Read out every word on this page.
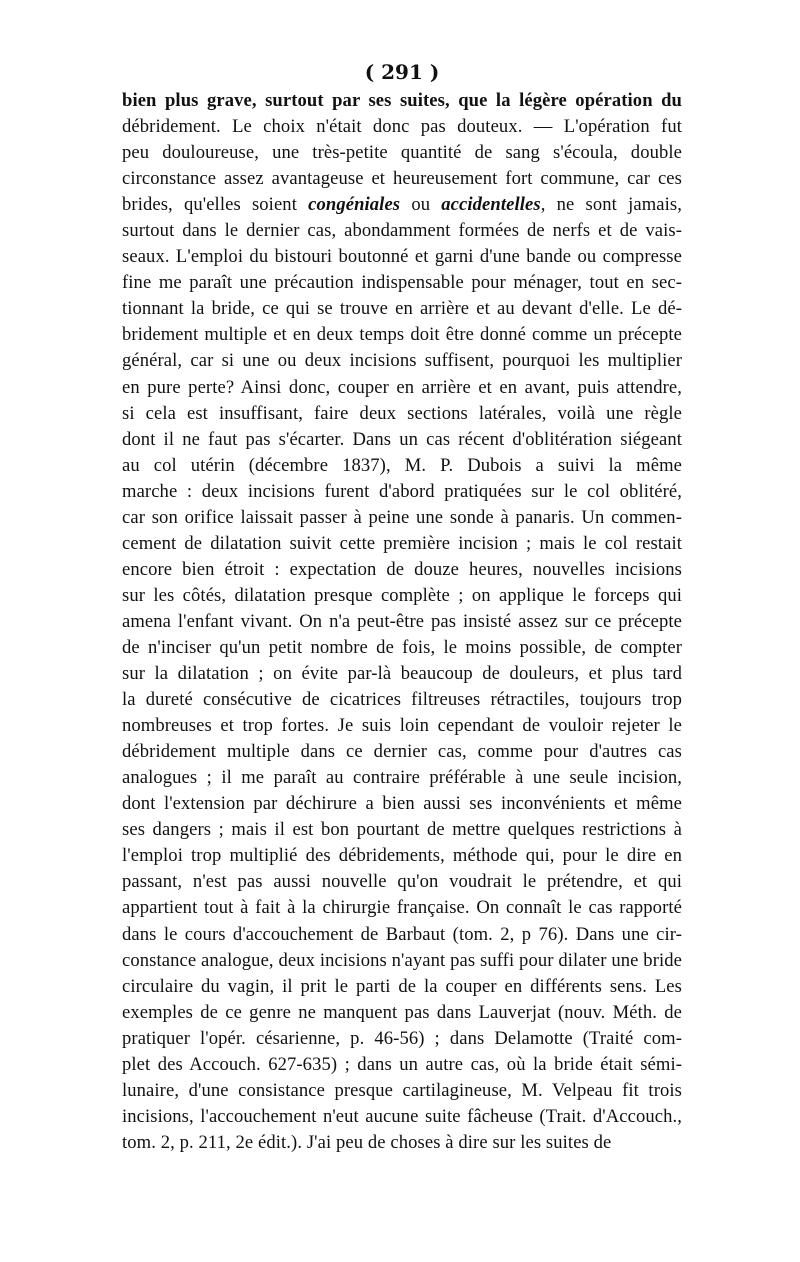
( 291 )
bien plus grave, surtout par ses suites, que la légère opération du
débridement. Le choix n'était donc pas douteux. — L'opération fut
peu douloureuse, une très-petite quantité de sang s'écoula, double
circonstance assez avantageuse et heureusement fort commune, car ces
brides, qu'elles soient congéniales ou accidentelles, ne sont jamais,
surtout dans le dernier cas, abondamment formées de nerfs et de vais-
seaux. L'emploi du bistouri boutonné et garni d'une bande ou compresse
fine me paraît une précaution indispensable pour ménager, tout en sec-
tionnant la bride, ce qui se trouve en arrière et au devant d'elle. Le dé-
bridement multiple et en deux temps doit être donné comme un précepte
général, car si une ou deux incisions suffisent, pourquoi les multiplier
en pure perte? Ainsi donc, couper en arrière et en avant, puis attendre,
si cela est insuffisant, faire deux sections latérales, voilà une règle
dont il ne faut pas s'écarter. Dans un cas récent d'oblitération siégeant
au col utérin (décembre 1837), M. P. Dubois a suivi la même
marche : deux incisions furent d'abord pratiquées sur le col oblitéré,
car son orifice laissait passer à peine une sonde à panaris. Un commen-
cement de dilatation suivit cette première incision ; mais le col restait
encore bien étroit : expectation de douze heures, nouvelles incisions
sur les côtés, dilatation presque complète ; on applique le forceps qui
amena l'enfant vivant. On n'a peut-être pas insisté assez sur ce précepte
de n'inciser qu'un petit nombre de fois, le moins possible, de compter
sur la dilatation ; on évite par-là beaucoup de douleurs, et plus tard
la dureté consécutive de cicatrices filtreuses rétractiles, toujours trop
nombreuses et trop fortes. Je suis loin cependant de vouloir rejeter le
débridement multiple dans ce dernier cas, comme pour d'autres cas
analogues ; il me paraît au contraire préférable à une seule incision,
dont l'extension par déchirure a bien aussi ses inconvénients et même
ses dangers ; mais il est bon pourtant de mettre quelques restrictions à
l'emploi trop multiplié des débridements, méthode qui, pour le dire en
passant, n'est pas aussi nouvelle qu'on voudrait le prétendre, et qui
appartient tout à fait à la chirurgie française. On connaît le cas rapporté
dans le cours d'accouchement de Barbaut (tom. 2, p 76). Dans une cir-
constance analogue, deux incisions n'ayant pas suffi pour dilater une bride
circulaire du vagin, il prit le parti de la couper en différents sens. Les
exemples de ce genre ne manquent pas dans Lauverjat (nouv. Méth. de
pratiquer l'opér. césarienne, p. 46-56) ; dans Delamotte (Traité com-
plet des Accouch. 627-635) ; dans un autre cas, où la bride était sémi-
lunaire, d'une consistance presque cartilagineuse, M. Velpeau fit trois
incisions, l'accouchement n'eut aucune suite fâcheuse (Trait. d'Accouch.,
tom. 2, p. 211, 2e édit.). J'ai peu de choses à dire sur les suites de
